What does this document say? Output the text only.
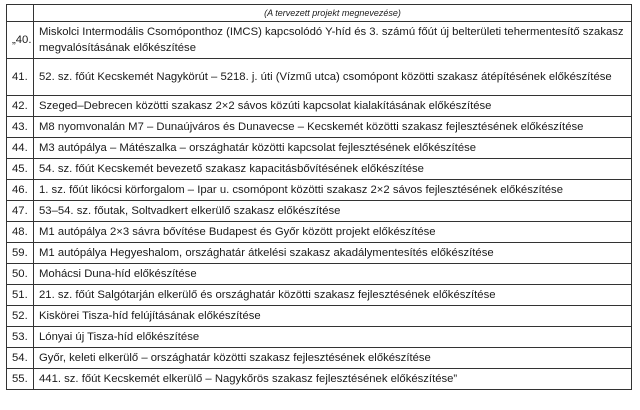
	(A tervezett projekt megnevezése)
„40.	Miskolci Intermodális Csomóponthoz (IMCS) kapcsolódó Y-híd és 3. számú főút új belterületi tehermentesítő szakasz megvalósításának előkészítése
41.	52. sz. főút Kecskemét Nagykörút – 5218. j. úti (Vízmű utca) csomópont közötti szakasz átépítésének előkészítése
42.	Szeged–Debrecen közötti szakasz 2×2 sávos közúti kapcsolat kialakításának előkészítése
43.	M8 nyomvonalán M7 – Dunaújváros és Dunavecse – Kecskemét közötti szakasz fejlesztésének előkészítése
44.	M3 autópálya – Mátészalka – országhatár közötti kapcsolat fejlesztésének előkészítése
45.	54. sz. főút Kecskemét bevezető szakasz kapacitásbővítésének előkészítése
46.	1. sz. főút likócsi körforgalom – Ipar u. csomópont közötti szakasz 2×2 sávos fejlesztésének előkészítése
47.	53–54. sz. főutak, Soltvadkert elkerülő szakasz előkészítése
48.	M1 autópálya 2×3 sávra bővítése Budapest és Győr között projekt előkészítése
59.	M1 autópálya Hegyeshalom, országhatár átkelési szakasz akadálymentesítés előkészítése
50.	Mohácsi Duna-híd előkészítése
51.	21. sz. főút Salgótarján elkerülő és országhatár közötti szakasz fejlesztésének előkészítése
52.	Kiskörei Tisza-híd felújításának előkészítése
53.	Lónyai új Tisza-híd előkészítése
54.	Győr, keleti elkerülő – országhatár közötti szakasz fejlesztésének előkészítése
55.	441. sz. főút Kecskemét elkerülő – Nagykőrös szakasz fejlesztésének előkészítése”
